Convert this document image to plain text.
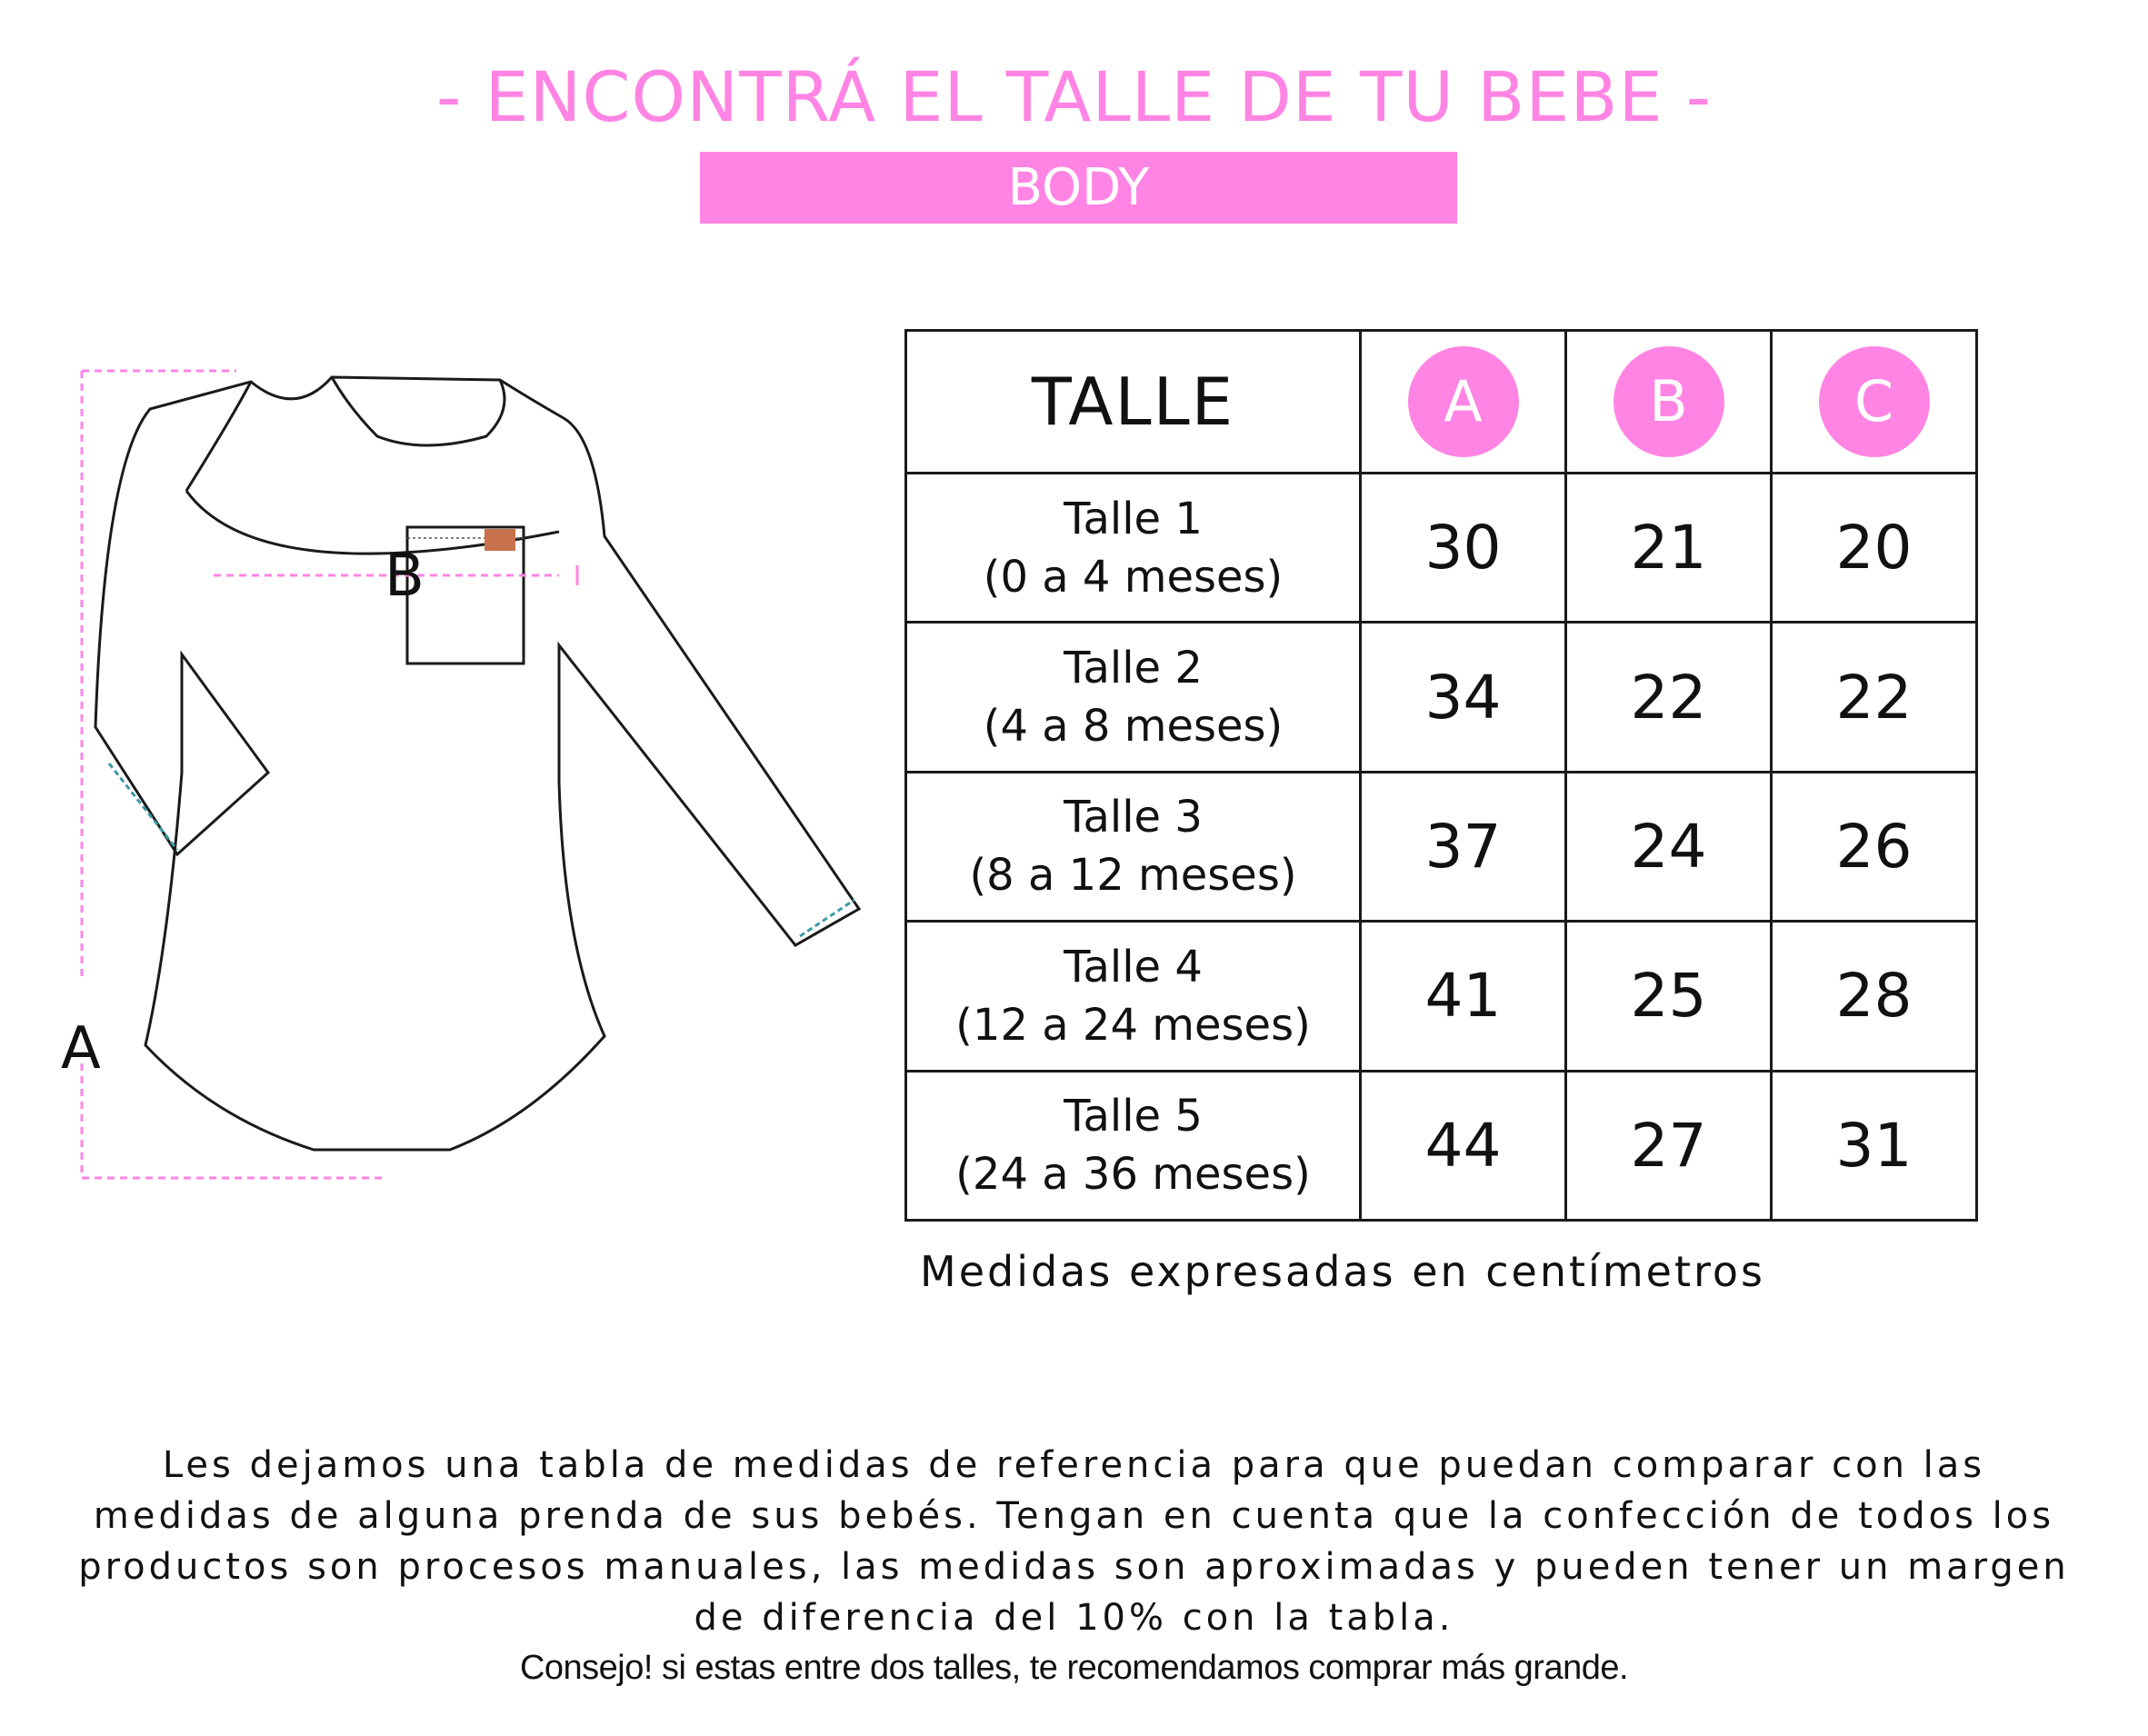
- ENCONTRÁ EL TALLE DE TU BEBE -
BODY
A
B
TALLE	A	B	C

Talle 1
(0 a 4 meses)	30	21	20

Talle 2
(4 a 8 meses)	34	22	22

Talle 3
(8 a 12 meses)	37	24	26

Talle 4
(12 a 24 meses)	41	25	28

Talle 5
(24 a 36 meses)	44	27	31
Medidas expresadas en centímetros
Les dejamos una tabla de medidas de referencia para que puedan comparar con las
medidas de alguna prenda de sus bebés. Tengan en cuenta que la confección de todos los
productos son procesos manuales, las medidas son aproximadas y pueden tener un margen
de diferencia del 10% con la tabla.
Consejo! si estas entre dos talles, te recomendamos comprar más grande.
